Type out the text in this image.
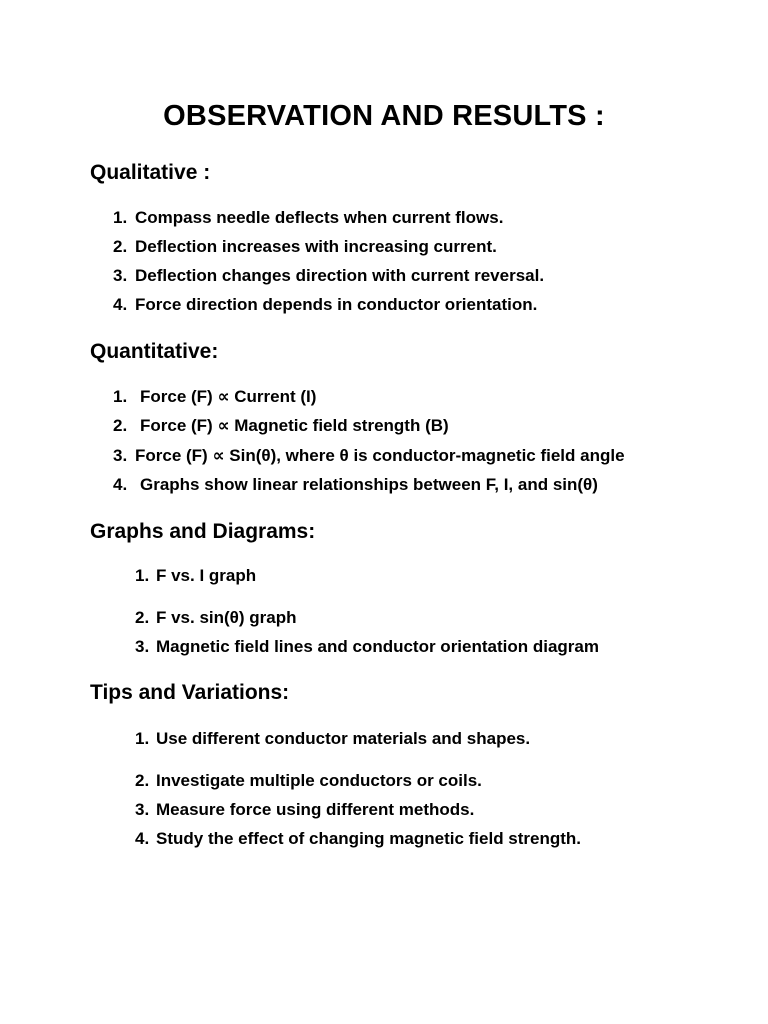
OBSERVATION AND RESULTS :
Qualitative :
1. Compass needle deflects when current flows.
2. Deflection increases with increasing current.
3. Deflection changes direction with current reversal.
4. Force direction depends in conductor orientation.
Quantitative:
1. Force (F) ∝ Current (I)
2. Force (F) ∝ Magnetic field strength (B)
3. Force (F) ∝ Sin(θ), where θ is conductor-magnetic field angle
4. Graphs show linear relationships between F, I, and sin(θ)
Graphs and Diagrams:
1. F vs. I graph
2. F vs. sin(θ) graph
3. Magnetic field lines and conductor orientation diagram
Tips and Variations:
1. Use different conductor materials and shapes.
2. Investigate multiple conductors or coils.
3. Measure force using different methods.
4. Study the effect of changing magnetic field strength.
